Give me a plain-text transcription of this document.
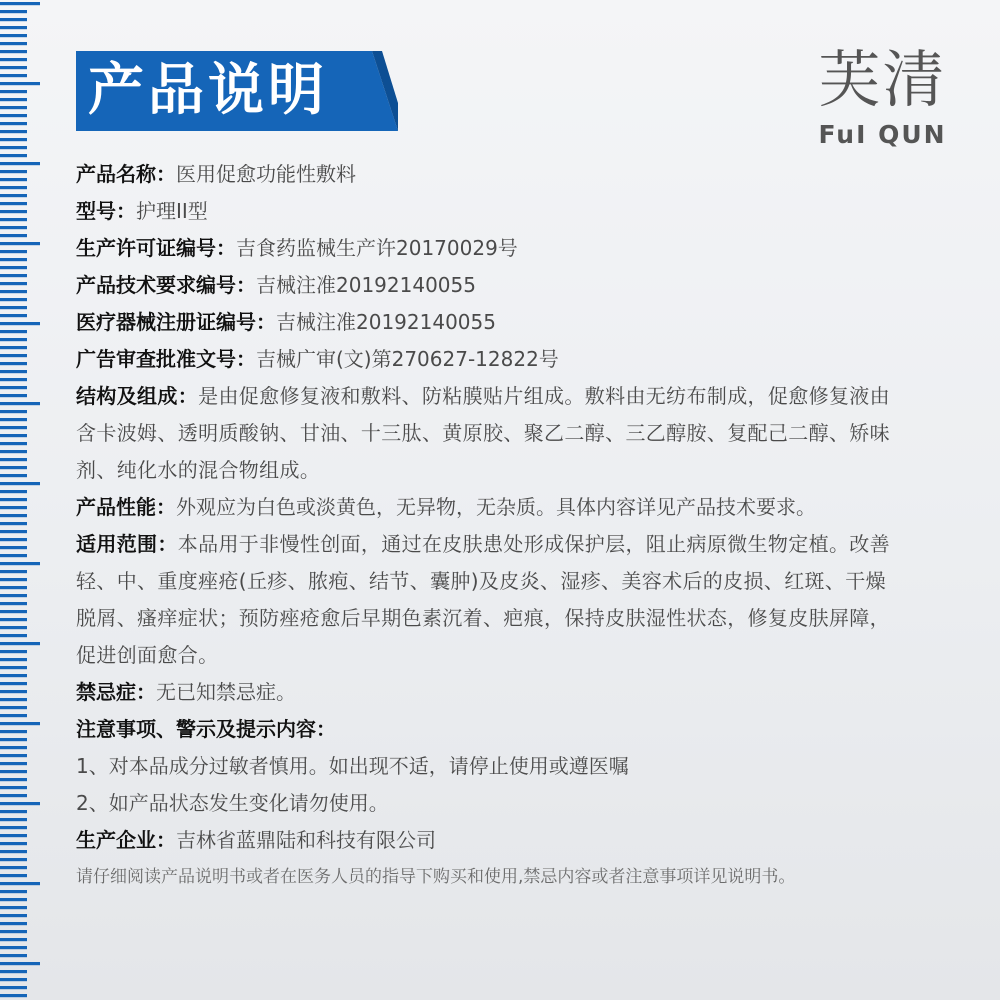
产品说明	芙清
FuI QUN
产品名称：医用促愈功能性敷料
型号：护理II型
生产许可证编号：吉食药监械生产许20170029号
产品技术要求编号：吉械注准20192140055
医疗器械注册证编号：吉械注准20192140055
广告审查批准文号：吉械广审(文)第270627-12822号
结构及组成：是由促愈修复液和敷料、防粘膜贴片组成。敷料由无纺布制成，促愈修复液由
含卡波姆、透明质酸钠、甘油、十三肽、黄原胶、聚乙二醇、三乙醇胺、复配己二醇、矫味
剂、纯化水的混合物组成。
产品性能：外观应为白色或淡黄色，无异物，无杂质。具体内容详见产品技术要求。
适用范围：本品用于非慢性创面，通过在皮肤患处形成保护层，阻止病原微生物定植。改善
轻、中、重度痤疮(丘疹、脓疱、结节、囊肿)及皮炎、湿疹、美容术后的皮损、红斑、干燥
脱屑、瘙痒症状；预防痤疮愈后早期色素沉着、疤痕，保持皮肤湿性状态，修复皮肤屏障，
促进创面愈合。
禁忌症：无已知禁忌症。
注意事项、警示及提示内容：
1、对本品成分过敏者慎用。如出现不适，请停止使用或遵医嘱
2、如产品状态发生变化请勿使用。
生产企业：吉林省蓝鼎陆和科技有限公司
请仔细阅读产品说明书或者在医务人员的指导下购买和使用,禁忌内容或者注意事项详见说明书。
